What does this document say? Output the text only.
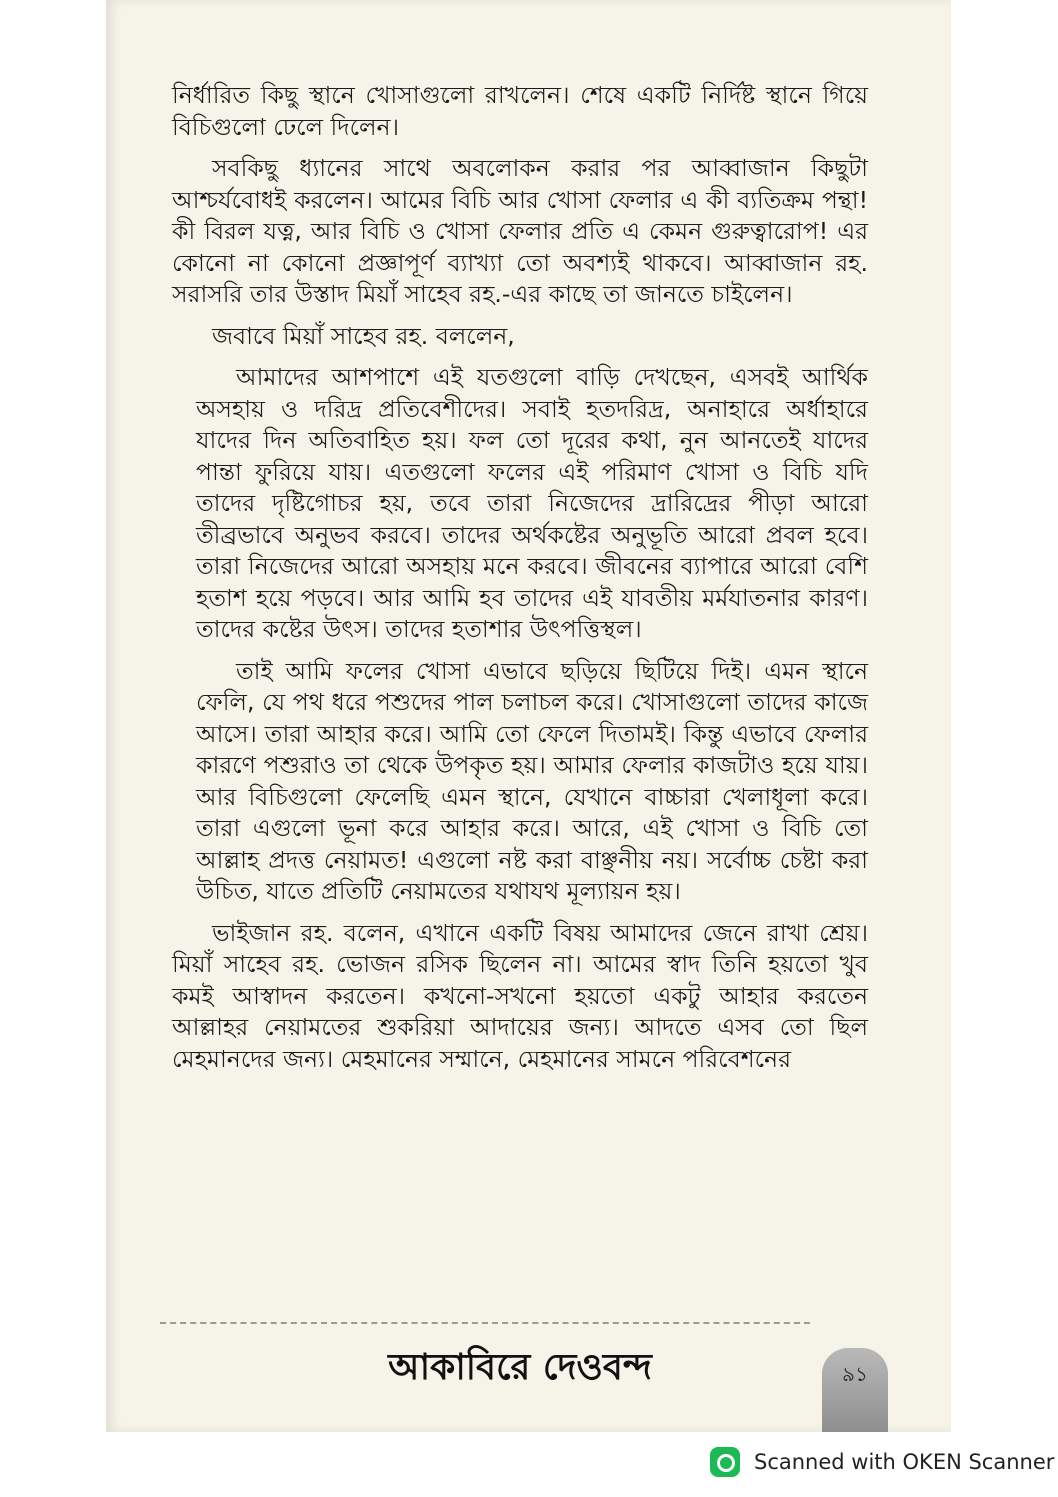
নির্ধারিত কিছু স্থানে খোসাগুলো রাখলেন। শেষে একটি নির্দিষ্ট স্থানে গিয়ে বিচিগুলো ঢেলে দিলেন।

সবকিছু ধ্যানের সাথে অবলোকন করার পর আব্বাজান কিছুটা আশ্চর্যবোধই করলেন। আমের বিচি আর খোসা ফেলার এ কী ব্যতিক্রম পন্থা! কী বিরল যত্ন, আর বিচি ও খোসা ফেলার প্রতি এ কেমন গুরুত্বারোপ! এর কোনো না কোনো প্রজ্ঞাপূর্ণ ব্যাখ্যা তো অবশ্যই থাকবে। আব্বাজান রহ. সরাসরি তার উস্তাদ মিয়াঁ সাহেব রহ.-এর কাছে তা জানতে চাইলেন।

জবাবে মিয়াঁ সাহেব রহ. বললেন,

আমাদের আশপাশে এই যতগুলো বাড়ি দেখছেন, এসবই আর্থিক অসহায় ও দরিদ্র প্রতিবেশীদের। সবাই হতদরিদ্র, অনাহারে অর্ধাহারে যাদের দিন অতিবাহিত হয়। ফল তো দূরের কথা, নুন আনতেই যাদের পান্তা ফুরিয়ে যায়। এতগুলো ফলের এই পরিমাণ খোসা ও বিচি যদি তাদের দৃষ্টিগোচর হয়, তবে তারা নিজেদের দ্রারিদ্রের পীড়া আরো তীব্রভাবে অনুভব করবে। তাদের অর্থকষ্টের অনুভূতি আরো প্রবল হবে। তারা নিজেদের আরো অসহায় মনে করবে। জীবনের ব্যাপারে আরো বেশি হতাশ হয়ে পড়বে। আর আমি হব তাদের এই যাবতীয় মর্মযাতনার কারণ। তাদের কষ্টের উৎস। তাদের হতাশার উৎপত্তিস্থল।

তাই আমি ফলের খোসা এভাবে ছড়িয়ে ছিটিয়ে দিই। এমন স্থানে ফেলি, যে পথ ধরে পশুদের পাল চলাচল করে। খোসাগুলো তাদের কাজে আসে। তারা আহার করে। আমি তো ফেলে দিতামই। কিন্তু এভাবে ফেলার কারণে পশুরাও তা থেকে উপকৃত হয়। আমার ফেলার কাজটাও হয়ে যায়। আর বিচিগুলো ফেলেছি এমন স্থানে, যেখানে বাচ্চারা খেলাধূলা করে। তারা এগুলো ভূনা করে আহার করে। আরে, এই খোসা ও বিচি তো আল্লাহ প্রদত্ত নেয়ামত! এগুলো নষ্ট করা বাঞ্ছনীয় নয়। সর্বোচ্চ চেষ্টা করা উচিত, যাতে প্রতিটি নেয়ামতের যথাযথ মূল্যায়ন হয়।

ভাইজান রহ. বলেন, এখানে একটি বিষয় আমাদের জেনে রাখা শ্রেয়। মিয়াঁ সাহেব রহ. ভোজন রসিক ছিলেন না। আমের স্বাদ তিনি হয়তো খুব কমই আস্বাদন করতেন। কখনো-সখনো হয়তো একটু আহার করতেন আল্লাহর নেয়ামতের শুকরিয়া আদায়ের জন্য। আদতে এসব তো ছিল মেহমানদের জন্য। মেহমানের সম্মানে, মেহমানের সামনে পরিবেশনের

আকাবিরে দেওবন্দ	৯১
Scanned with OKEN Scanner
